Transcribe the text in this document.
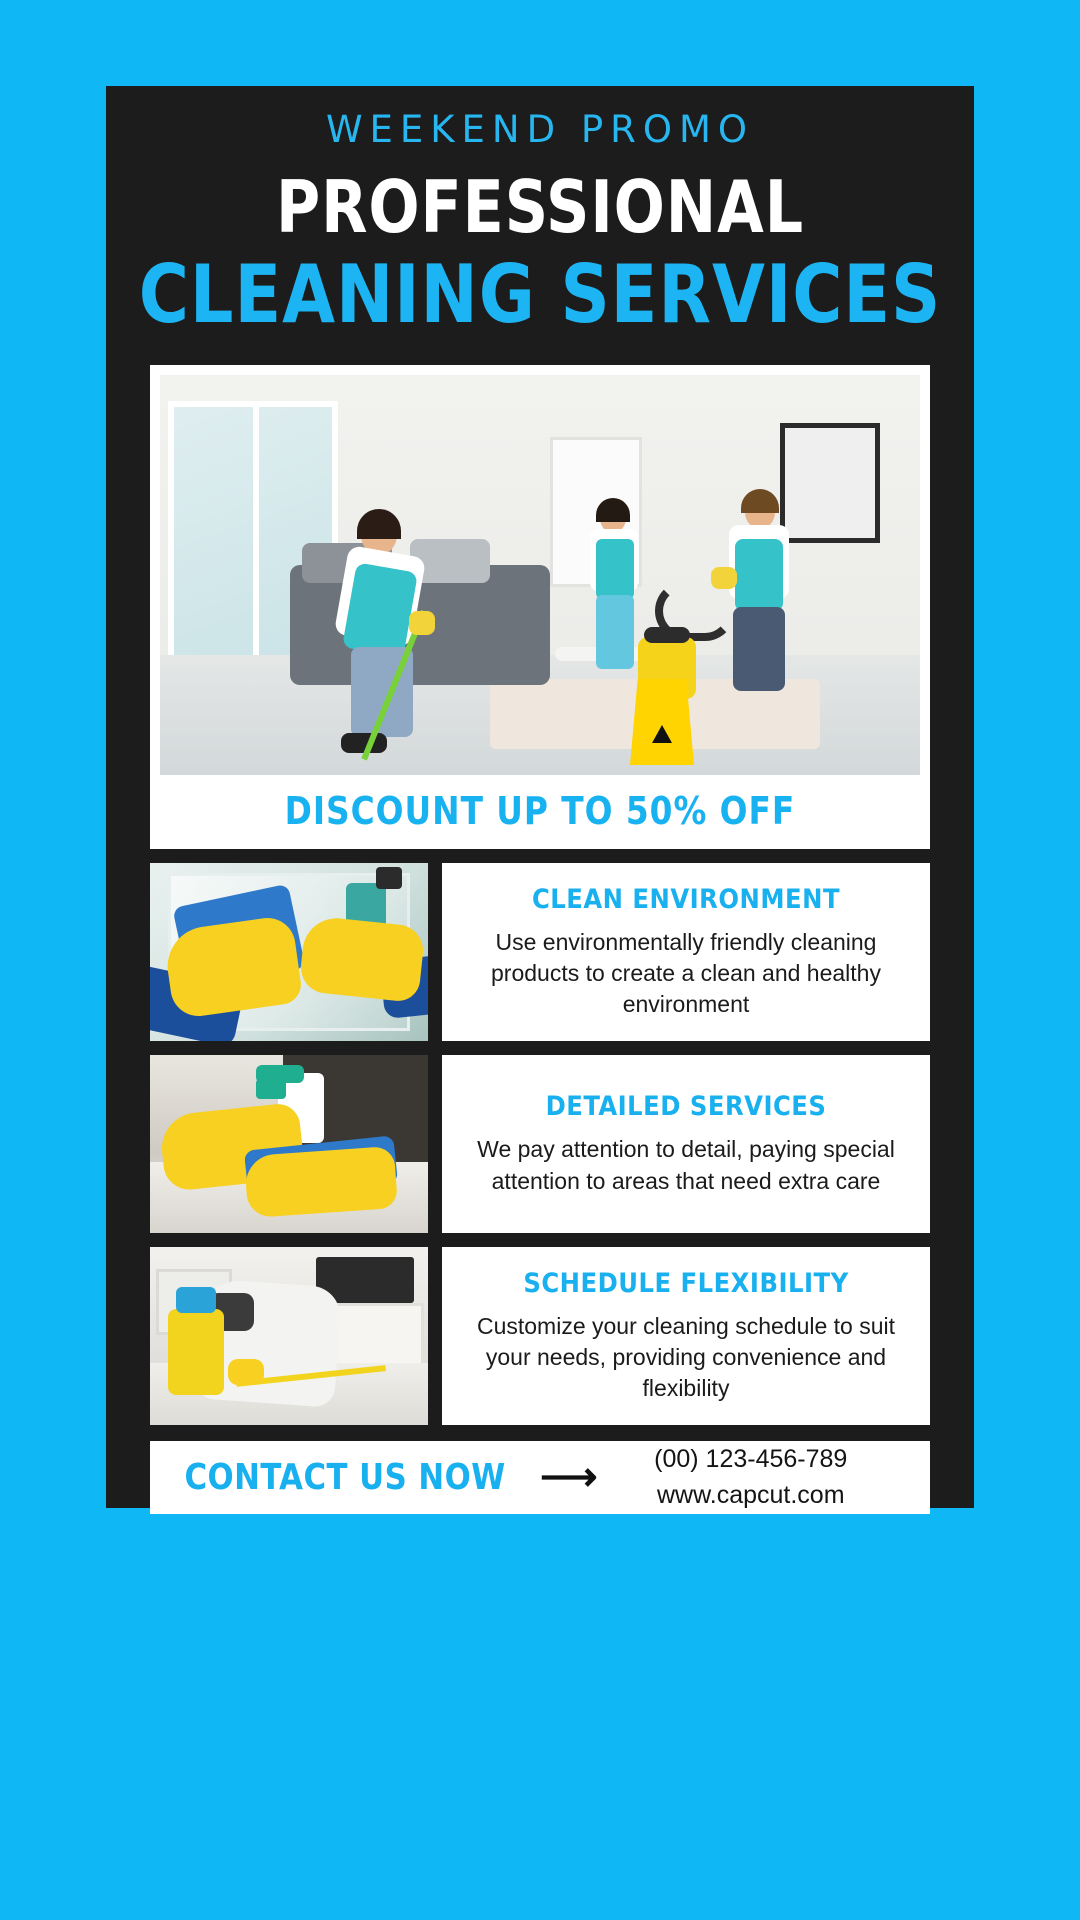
WEEKEND PROMO
PROFESSIONAL
CLEANING SERVICES
DISCOUNT UP TO 50% OFF
CLEAN ENVIRONMENT
Use environmentally friendly cleaning products to create a clean and healthy environment
DETAILED SERVICES
We pay attention to detail, paying special attention to areas that need extra care
SCHEDULE FLEXIBILITY
Customize your cleaning schedule to suit your needs, providing convenience and flexibility
CONTACT US NOW ⟶	(00) 123-456-789
www.capcut.com
